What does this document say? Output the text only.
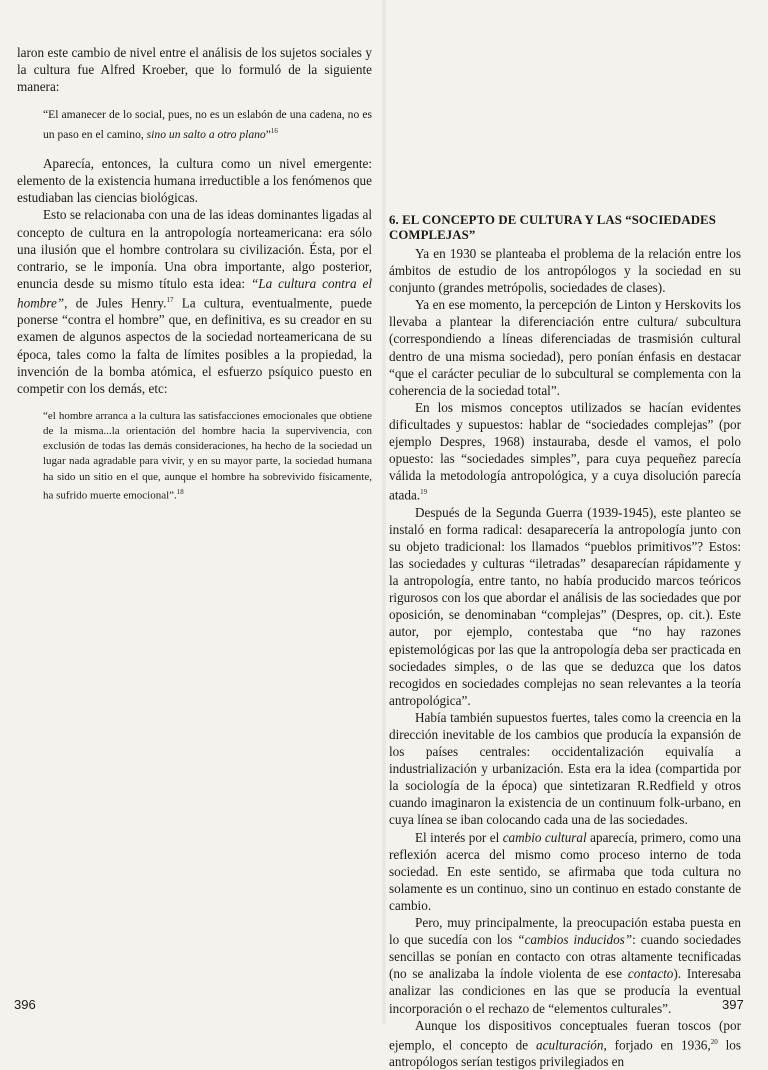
laron este cambio de nivel entre el análisis de los sujetos sociales y la cultura fue Alfred Kroeber, que lo formuló de la siguiente manera:

“El amanecer de lo social, pues, no es un eslabón de una cadena, no es un paso en el camino, sino un salto a otro plano”$^{16}$

Aparecía, entonces, la cultura como un nivel emergente: elemento de la existencia humana irreductible a los fenómenos que estudiaban las ciencias biológicas.

Esto se relacionaba con una de las ideas dominantes ligadas al concepto de cultura en la antropología norteamericana: era sólo una ilusión que el hombre controlara su civilización. Ésta, por el contrario, se le imponía. Una obra importante, algo posterior, enuncia desde su mismo título esta idea: “La cultura contra el hombre”, de Jules Henry.$^{17}$ La cultura, eventualmente, puede ponerse “contra el hombre” que, en definitiva, es su creador en su examen de algunos aspectos de la sociedad norteamericana de su época, tales como la falta de límites posibles a la propiedad, la invención de la bomba atómica, el esfuerzo psíquico puesto en competir con los demás, etc:

“el hombre arranca a la cultura las satisfacciones emocionales que obtiene de la misma...la orientación del hombre hacia la supervivencia, con exclusión de todas las demás consideraciones, ha hecho de la sociedad un lugar nada agradable para vivir, y en su mayor parte, la sociedad humana ha sido un sitio en el que, aunque el hombre ha sobrevivido físicamente, ha sufrido muerte emocional”.$^{18}$

396
6. EL CONCEPTO DE CULTURA Y LAS “SOCIEDADES COMPLEJAS”

Ya en 1930 se planteaba el problema de la relación entre los ámbitos de estudio de los antropólogos y la sociedad en su conjunto (grandes metrópolis, sociedades de clases).

Ya en ese momento, la percepción de Linton y Herskovits los llevaba a plantear la diferenciación entre cultura/ subcultura (correspondiendo a líneas diferenciadas de trasmisión cultural dentro de una misma sociedad), pero ponían énfasis en destacar “que el carácter peculiar de lo subcultural se complementa con la coherencia de la sociedad total”.

En los mismos conceptos utilizados se hacían evidentes dificultades y supuestos: hablar de “sociedades complejas” (por ejemplo Despres, 1968) instauraba, desde el vamos, el polo opuesto: las “sociedades simples”, para cuya pequeñez parecía válida la metodología antropológica, y a cuya disolución parecía atada.$^{19}$

Después de la Segunda Guerra (1939-1945), este planteo se instaló en forma radical: desaparecería la antropología junto con su objeto tradicional: los llamados “pueblos primitivos”? Estos: las sociedades y culturas “iletradas” desaparecían rápidamente y la antropología, entre tanto, no había producido marcos teóricos rigurosos con los que abordar el análisis de las sociedades que por oposición, se denominaban “complejas” (Despres, op. cit.). Este autor, por ejemplo, contestaba que “no hay razones epistemológicas por las que la antropología deba ser practicada en sociedades simples, o de las que se deduzca que los datos recogidos en sociedades complejas no sean relevantes a la teoría antropológica”.

Había también supuestos fuertes, tales como la creencia en la dirección inevitable de los cambios que producía la expansión de los países centrales: occidentalización equivalía a industrialización y urbanización. Esta era la idea (compartida por la sociología de la época) que sintetizaran R.Redfield y otros cuando imaginaron la existencia de un continuum folk-urbano, en cuya línea se iban colocando cada una de las sociedades.

El interés por el cambio cultural aparecía, primero, como una reflexión acerca del mismo como proceso interno de toda sociedad. En este sentido, se afirmaba que toda cultura no solamente es un continuo, sino un continuo en estado constante de cambio.

Pero, muy principalmente, la preocupación estaba puesta en lo que sucedía con los “cambios inducidos”: cuando sociedades sencillas se ponían en contacto con otras altamente tecnificadas (no se analizaba la índole violenta de ese contacto). Interesaba analizar las condiciones en las que se producía la eventual incorporación o el rechazo de “elementos culturales”.

Aunque los dispositivos conceptuales fueran toscos (por ejemplo, el concepto de aculturación, forjado en 1936,20 los antropólogos serían testigos privilegiados en

397
